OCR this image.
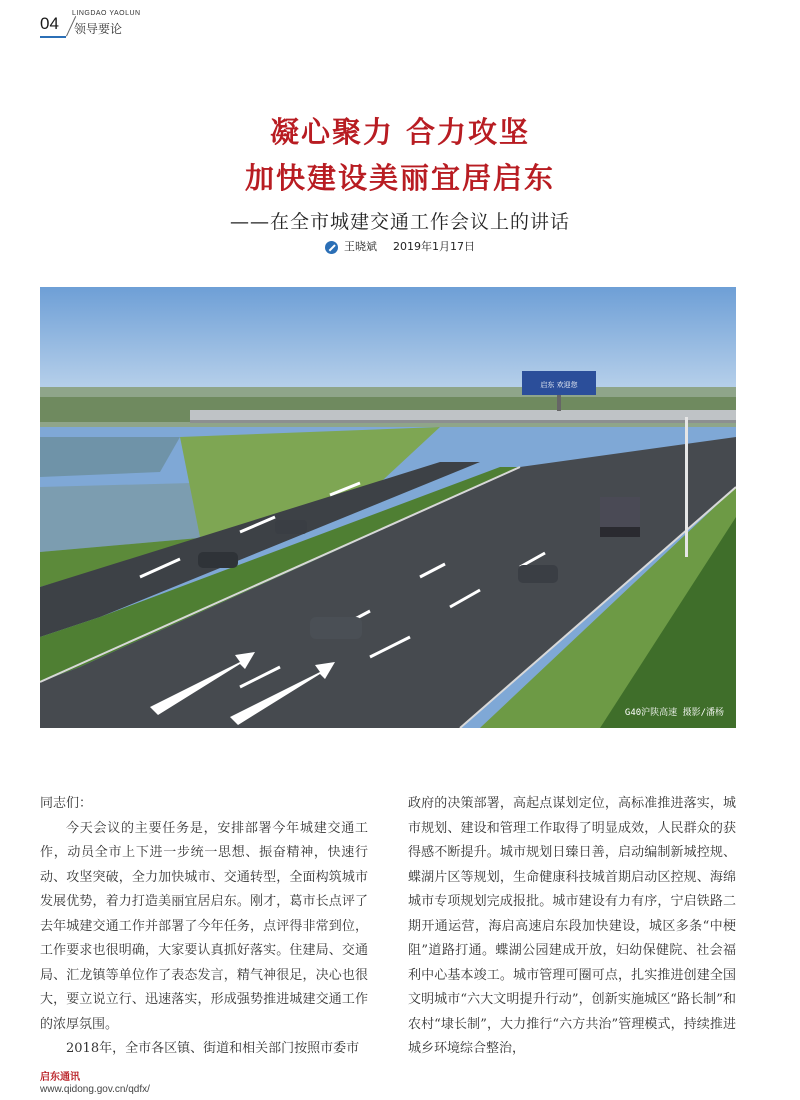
04
LINGDAO YAOLUN
领导要论
凝心聚力 合力攻坚
加快建设美丽宜居启东
——在全市城建交通工作会议上的讲话
王晓斌 2019年1月17日
启东 欢迎您
G40沪陕高速 摄影/潘杨

同志们：

今天会议的主要任务是，安排部署今年城建交通工作，动员全市上下进一步统一思想、振奋精神，快速行动、攻坚突破，全力加快城市、交通转型，全面构筑城市发展优势，着力打造美丽宜居启东。刚才，葛市长点评了去年城建交通工作并部署了今年任务，点评得非常到位，工作要求也很明确，大家要认真抓好落实。住建局、交通局、汇龙镇等单位作了表态发言，精气神很足，决心也很大，要立说立行、迅速落实，形成强势推进城建交通工作的浓厚氛围。

2018年，全市各区镇、街道和相关部门按照市委市

政府的决策部署，高起点谋划定位，高标准推进落实，城市规划、建设和管理工作取得了明显成效，人民群众的获得感不断提升。城市规划日臻日善，启动编制新城控规、蝶湖片区等规划，生命健康科技城首期启动区控规、海绵城市专项规划完成报批。城市建设有力有序，宁启铁路二期开通运营，海启高速启东段加快建设，城区多条“中梗阻”道路打通。蝶湖公园建成开放，妇幼保健院、社会福利中心基本竣工。城市管理可圈可点，扎实推进创建全国文明城市“六大文明提升行动”，创新实施城区“路长制”和农村“埭长制”，大力推行“六方共治”管理模式，持续推进城乡环境综合整治，

启东通讯
www.qidong.gov.cn/qdfx/
